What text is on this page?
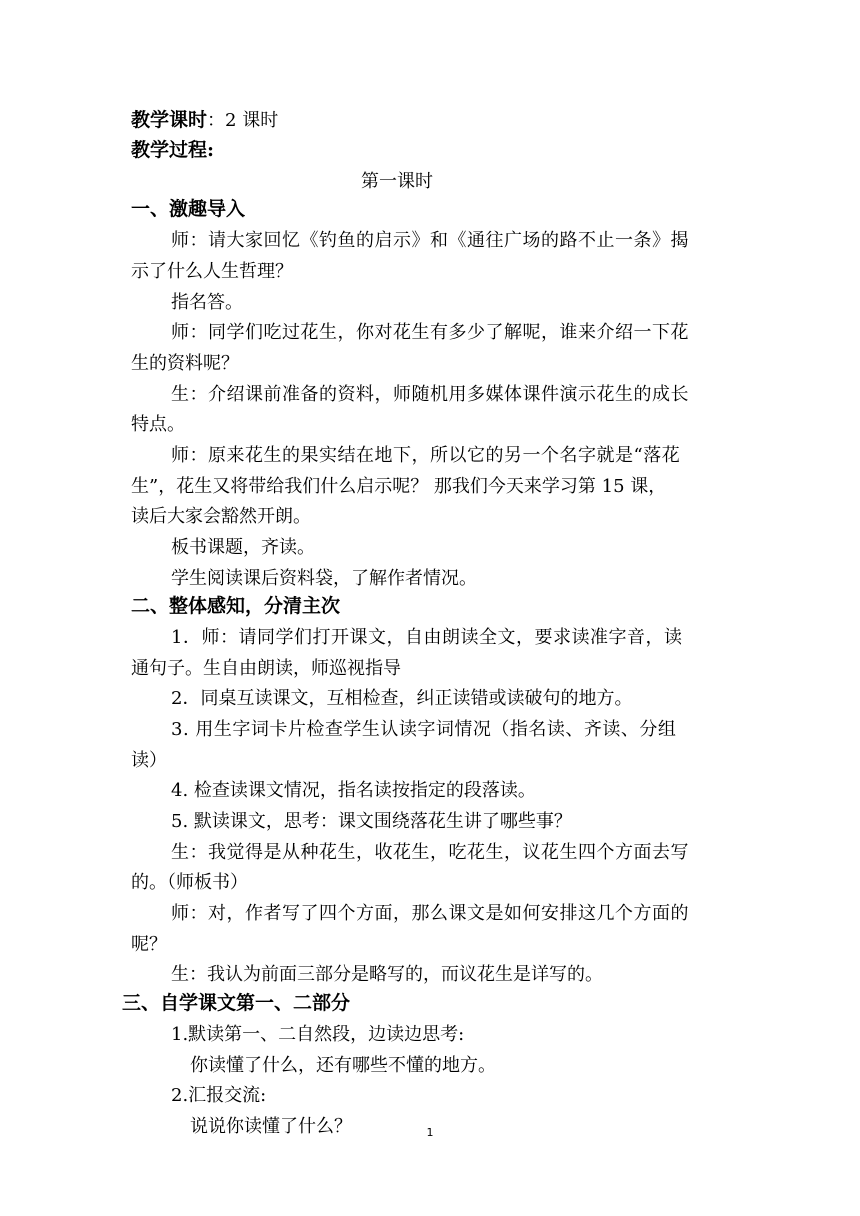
教学课时：2 课时
教学过程:
第一课时
一、激趣导入
师：请大家回忆《钓鱼的启示》和《通往广场的路不止一条》揭
示了什么人生哲理？
指名答。
师：同学们吃过花生，你对花生有多少了解呢，谁来介绍一下花
生的资料呢？
生：介绍课前准备的资料，师随机用多媒体课件演示花生的成长
特点。
师：原来花生的果实结在地下，所以它的另一个名字就是“落花
生”，花生又将带给我们什么启示呢？ 那我们今天来学习第 15 课，
读后大家会豁然开朗。
板书课题，齐读。
学生阅读课后资料袋，了解作者情况。
二、整体感知，分清主次
1．师：请同学们打开课文，自由朗读全文，要求读准字音，读
通句子。生自由朗读，师巡视指导
2．同桌互读课文，互相检查，纠正读错或读破句的地方。
3. 用生字词卡片检查学生认读字词情况（指名读、齐读、分组
读）
4. 检查读课文情况，指名读按指定的段落读。
5. 默读课文，思考：课文围绕落花生讲了哪些事？
生：我觉得是从种花生，收花生，吃花生，议花生四个方面去写
的。（师板书）
师：对，作者写了四个方面，那么课文是如何安排这几个方面的
呢？
生：我认为前面三部分是略写的，而议花生是详写的。
三、自学课文第一、二部分
1.默读第一、二自然段，边读边思考:
你读懂了什么，还有哪些不懂的地方。
2.汇报交流:
说说你读懂了什么？	1
